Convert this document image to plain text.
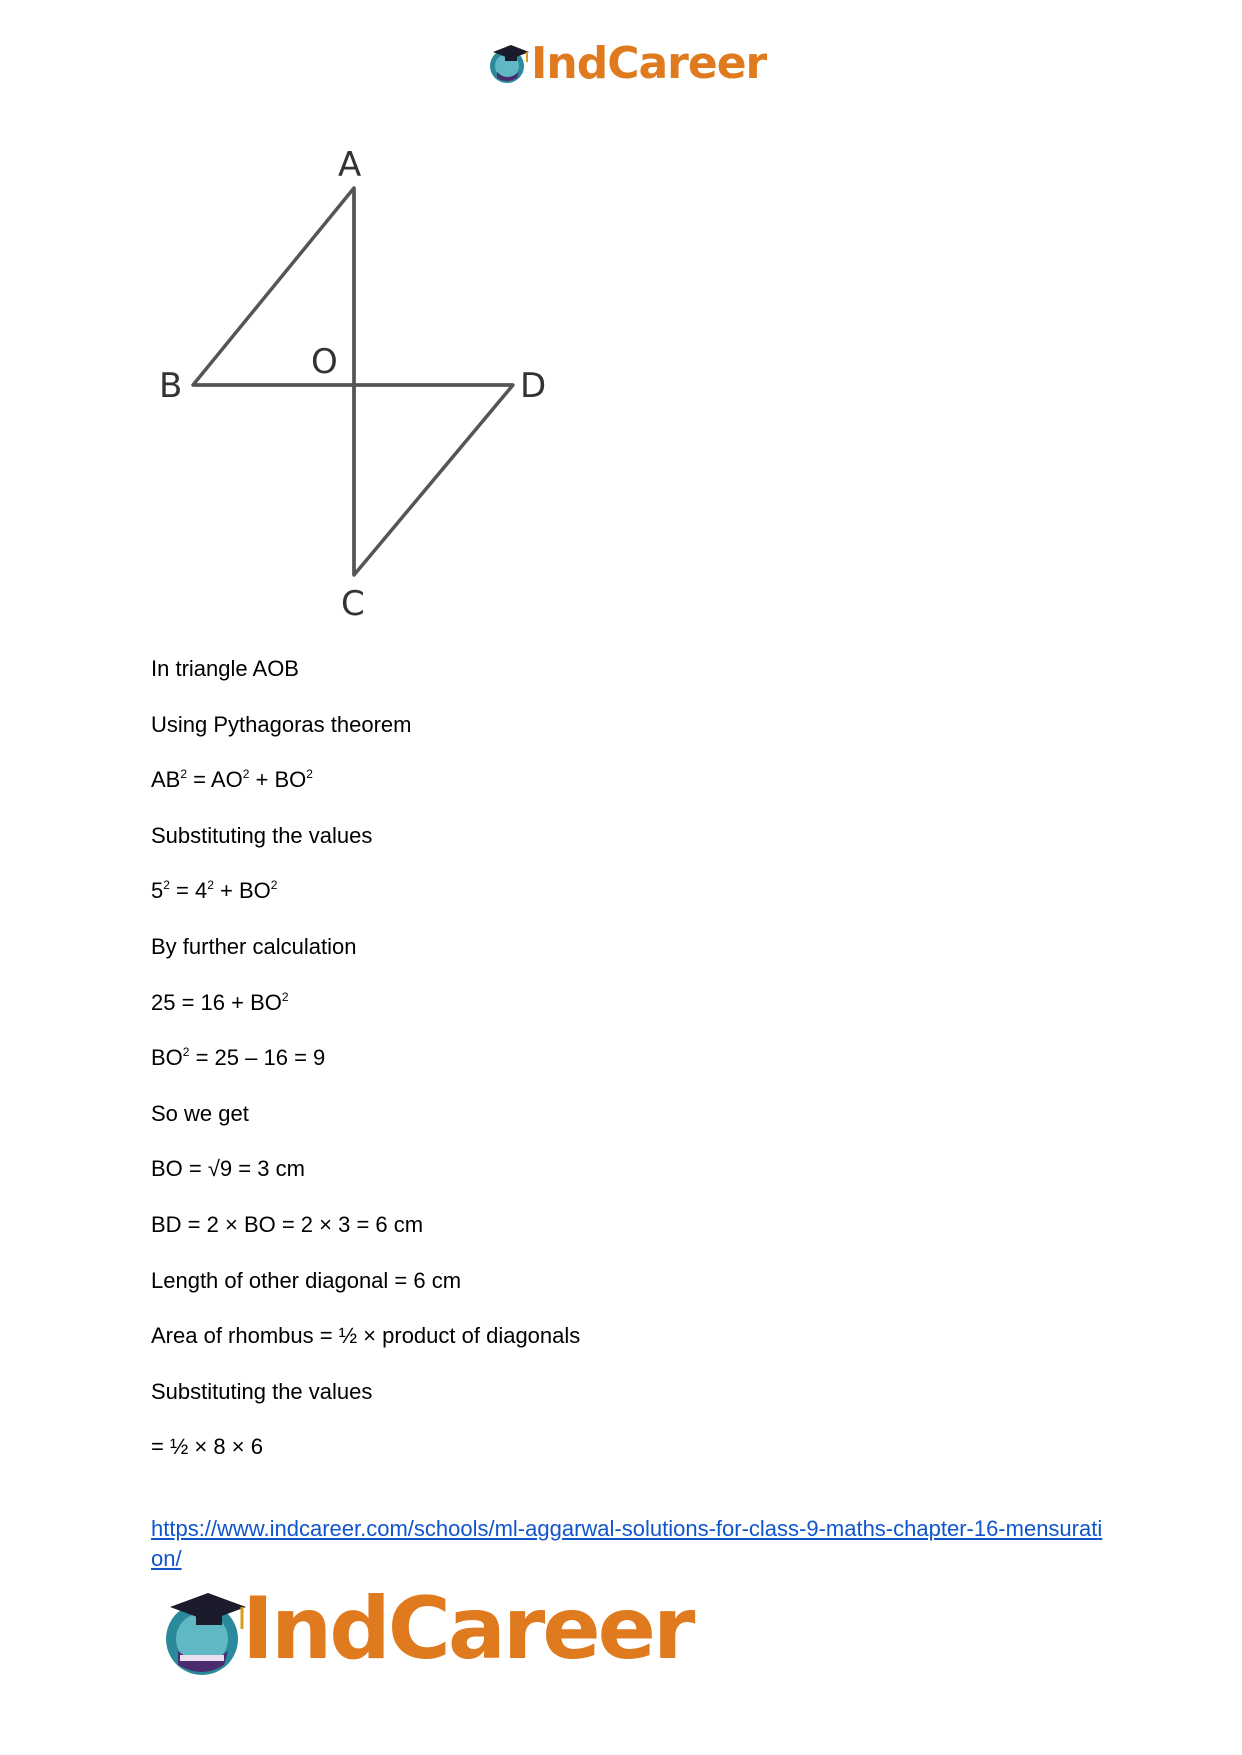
IndCareer
A
B
O
D
C
In triangle AOB
Using Pythagoras theorem
$AB^2 = AO^2 + BO^2$
Substituting the values
$5^2 = 4^2 + BO^2$
By further calculation
$25 = 16 + BO^2$
$BO^2 = 25 - 16 = 9$
So we get
BO = √9 = 3 cm
BD = 2 × BO = 2 × 3 = 6 cm
Length of other diagonal = 6 cm
Area of rhombus = ½ × product of diagonals
Substituting the values
= ½ × 8 × 6
https://www.indcareer.com/schools/ml-aggarwal-solutions-for-class-9-maths-chapter-16-mensuration/
IndCareer
